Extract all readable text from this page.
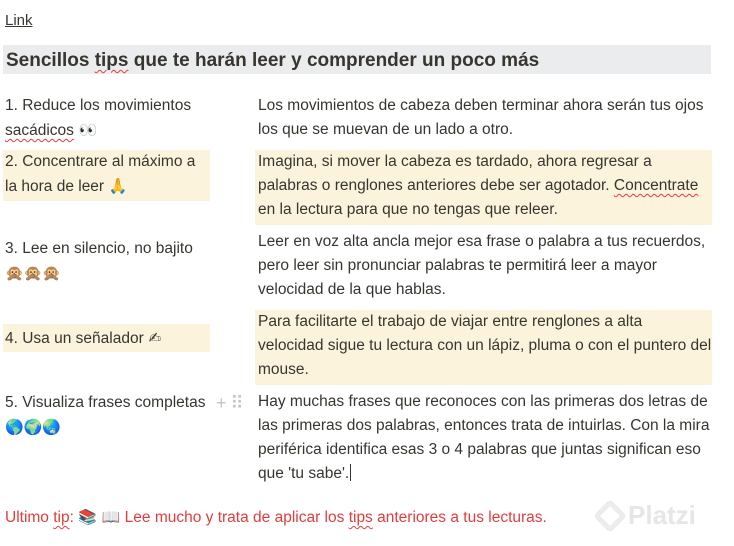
Link
Sencillos tips que te harán leer y comprender un poco más
1. Reduce los movimientos sacádicos 👀
Los movimientos de cabeza deben terminar ahora serán tus ojos los que se muevan de un lado a otro.
2. Concentrare al máximo a la hora de leer 🙏
Imagina, si mover la cabeza es tardado, ahora regresar a palabras o renglones anteriores debe ser agotador. Concentrate en la lectura para que no tengas que releer.
3. Lee en silencio, no bajito
🙊🙊🙊
Leer en voz alta ancla mejor esa frase o palabra a tus recuerdos, pero leer sin pronunciar palabras te permitirá leer a mayor velocidad de la que hablas.
4. Usa un señalador ✍
Para facilitarte el trabajo de viajar entre renglones a alta velocidad sigue tu lectura con un lápiz, pluma o con el puntero del mouse.
5. Visualiza frases completas 🌎🌍🌏
+⠿ Hay muchas frases que reconoces con las primeras dos letras de las primeras dos palabras, entonces trata de intuirlas. Con la mira periférica identifica esas 3 o 4 palabras que juntas significan eso que 'tu sabe'.
Ultimo tip: 📚 📖 Lee mucho y trata de aplicar los tips anteriores a tus lecturas.	Platzi
